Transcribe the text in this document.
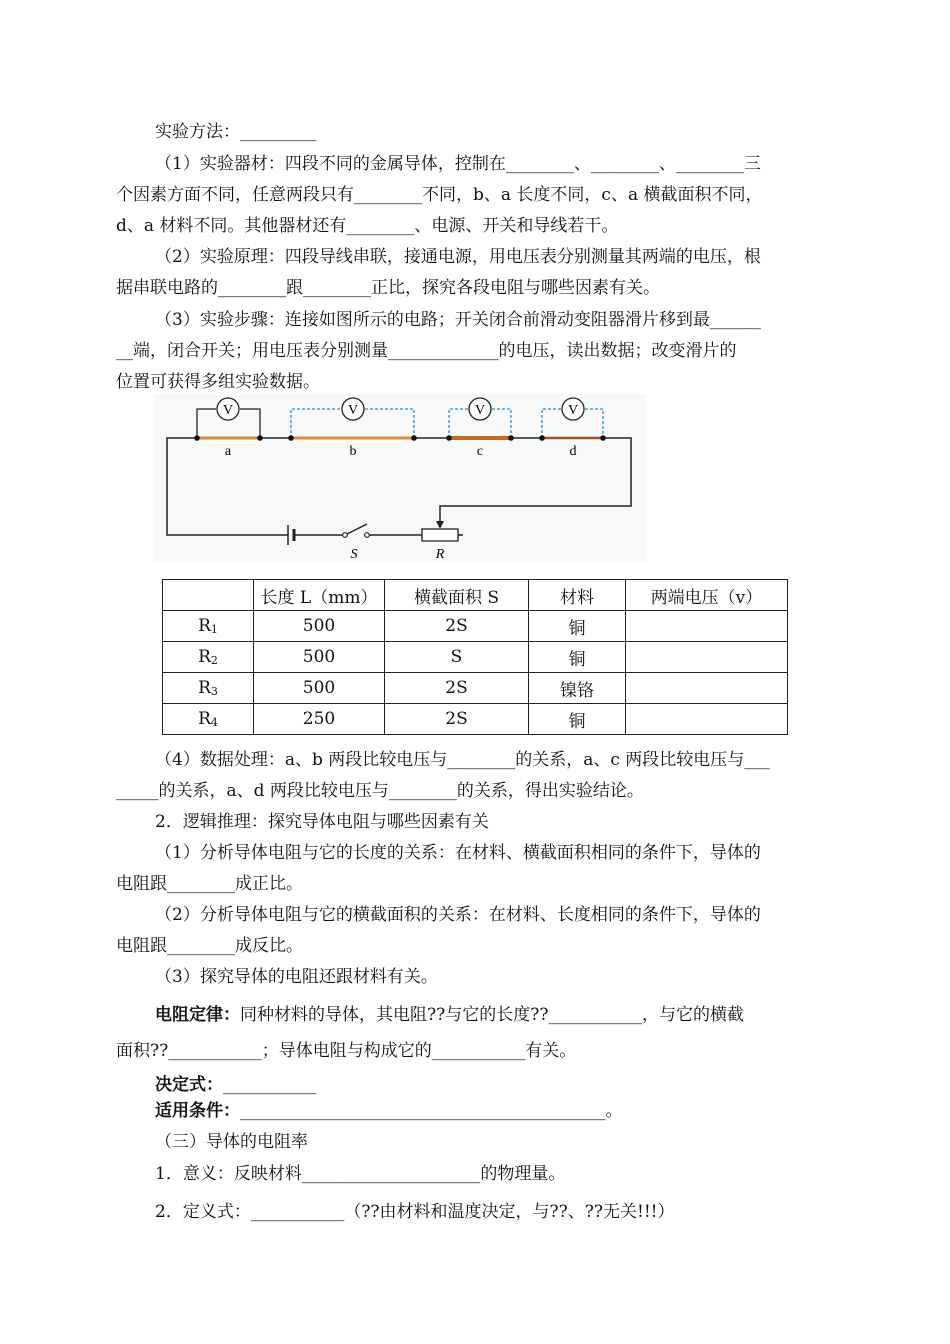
实验方法：_________
（1）实验器材：四段不同的金属导体，控制在________、________、________三
个因素方面不同，任意两段只有________不同，b、a 长度不同，c、a 横截面积不同，
d、a 材料不同。其他器材还有________、电源、开关和导线若干。
（2）实验原理：四段导线串联，接通电源，用电压表分别测量其两端的电压，根
据串联电路的________跟________正比，探究各段电阻与哪些因素有关。
（3）实验步骤：连接如图所示的电路；开关闭合前滑动变阻器滑片移到最______
__端，闭合开关；用电压表分别测量_____________的电压，读出数据；改变滑片的
位置可获得多组实验数据。
V	V	V	V
a	b	c	d
S	R
	长度 L（mm）	横截面积 S	材料	两端电压（v）
R1	500	2S	铜	
R2	500	S	铜	
R3	500	2S	镍铬	
R4	250	2S	铜	
（4）数据处理：a、b 两段比较电压与________的关系，a、c 两段比较电压与___
_____的关系，a、d 两段比较电压与________的关系，得出实验结论。
2．逻辑推理：探究导体电阻与哪些因素有关
（1）分析导体电阻与它的长度的关系：在材料、横截面积相同的条件下，导体的
电阻跟________成正比。
（2）分析导体电阻与它的横截面积的关系：在材料、长度相同的条件下，导体的
电阻跟________成反比。
（3）探究导体的电阻还跟材料有关。
电阻定律：同种材料的导体，其电阻??与它的长度??___________，与它的横截
面积??___________；导体电阻与构成它的___________有关。
决定式：___________
适用条件：___________________________________________。
（三）导体的电阻率
1．意义：反映材料_____________________的物理量。
2．定义式：___________（??由材料和温度决定，与??、??无关!!!）
